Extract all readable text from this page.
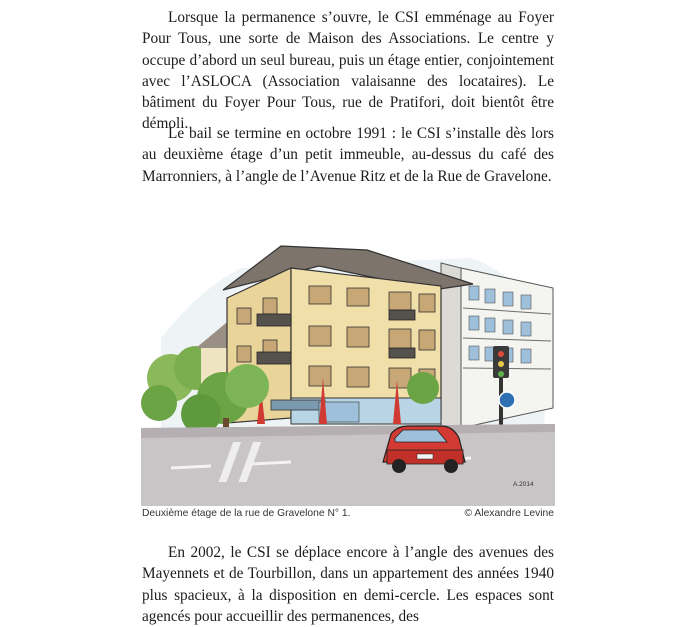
Lorsque la permanence s’ouvre, le CSI emménage au Foyer Pour Tous, une sorte de Maison des Associations. Le centre y occupe d’abord un seul bureau, puis un étage entier, conjointement avec l’ASLOCA (Association valaisanne des locataires). Le bâtiment du Foyer Pour Tous, rue de Pratifori, doit bientôt être démoli.

Le bail se termine en octobre 1991 : le CSI s’installe dès lors au deuxième étage d’un petit immeuble, au-dessus du café des Marronniers, à l’angle de l’Avenue Ritz et de la Rue de Gravelone.

A.2014
Deuxième étage de la rue de Gravelone N° 1.	© Alexandre Levine

En 2002, le CSI se déplace encore à l’angle des avenues des Mayennets et de Tourbillon, dans un appartement des années 1940 plus spacieux, à la disposition en demi-cercle. Les espaces sont agencés pour accueillir des permanences, des
